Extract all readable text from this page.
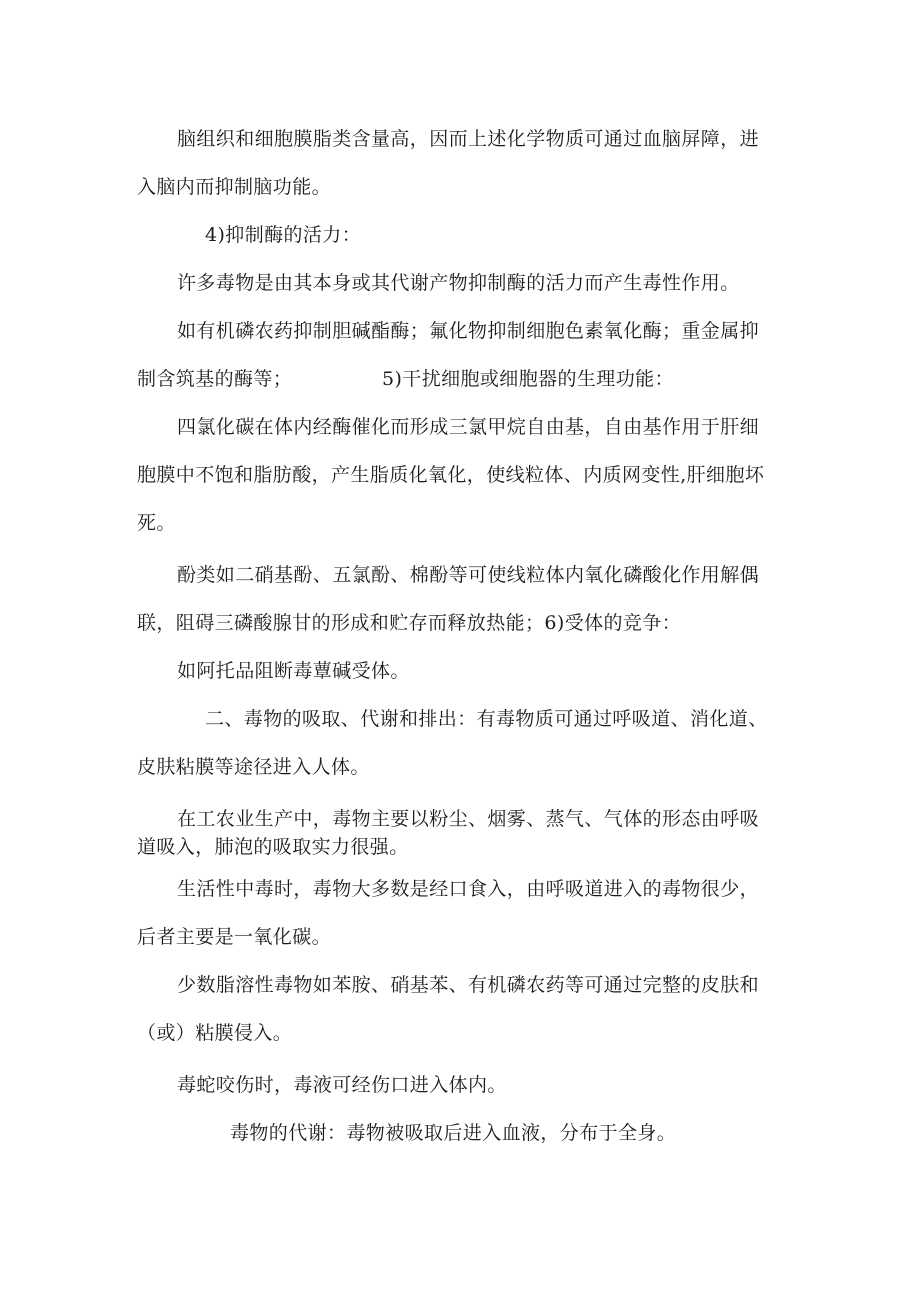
脑组织和细胞膜脂类含量高，因而上述化学物质可通过血脑屏障，进
入脑内而抑制脑功能。
4)抑制酶的活力：
许多毒物是由其本身或其代谢产物抑制酶的活力而产生毒性作用。
如有机磷农药抑制胆碱酯酶；氟化物抑制细胞色素氧化酶；重金属抑
制含筑基的酶等；	5)干扰细胞或细胞器的生理功能：
四氯化碳在体内经酶催化而形成三氯甲烷自由基，自由基作用于肝细
胞膜中不饱和脂肪酸，产生脂质化氧化，使线粒体、内质网变性,肝细胞坏
死。
酚类如二硝基酚、五氯酚、棉酚等可使线粒体内氧化磷酸化作用解偶
联，阻碍三磷酸腺甘的形成和贮存而释放热能；6)受体的竞争：
如阿托品阻断毒蕈碱受体。
二、毒物的吸取、代谢和排出：有毒物质可通过呼吸道、消化道、
皮肤粘膜等途径进入人体。
在工农业生产中，毒物主要以粉尘、烟雾、蒸气、气体的形态由呼吸
道吸入，肺泡的吸取实力很强。
生活性中毒时，毒物大多数是经口食入，由呼吸道进入的毒物很少，
后者主要是一氧化碳。
少数脂溶性毒物如苯胺、硝基苯、有机磷农药等可通过完整的皮肤和
（或）粘膜侵入。
毒蛇咬伤时，毒液可经伤口进入体内。
毒物的代谢：毒物被吸取后进入血液，分布于全身。
